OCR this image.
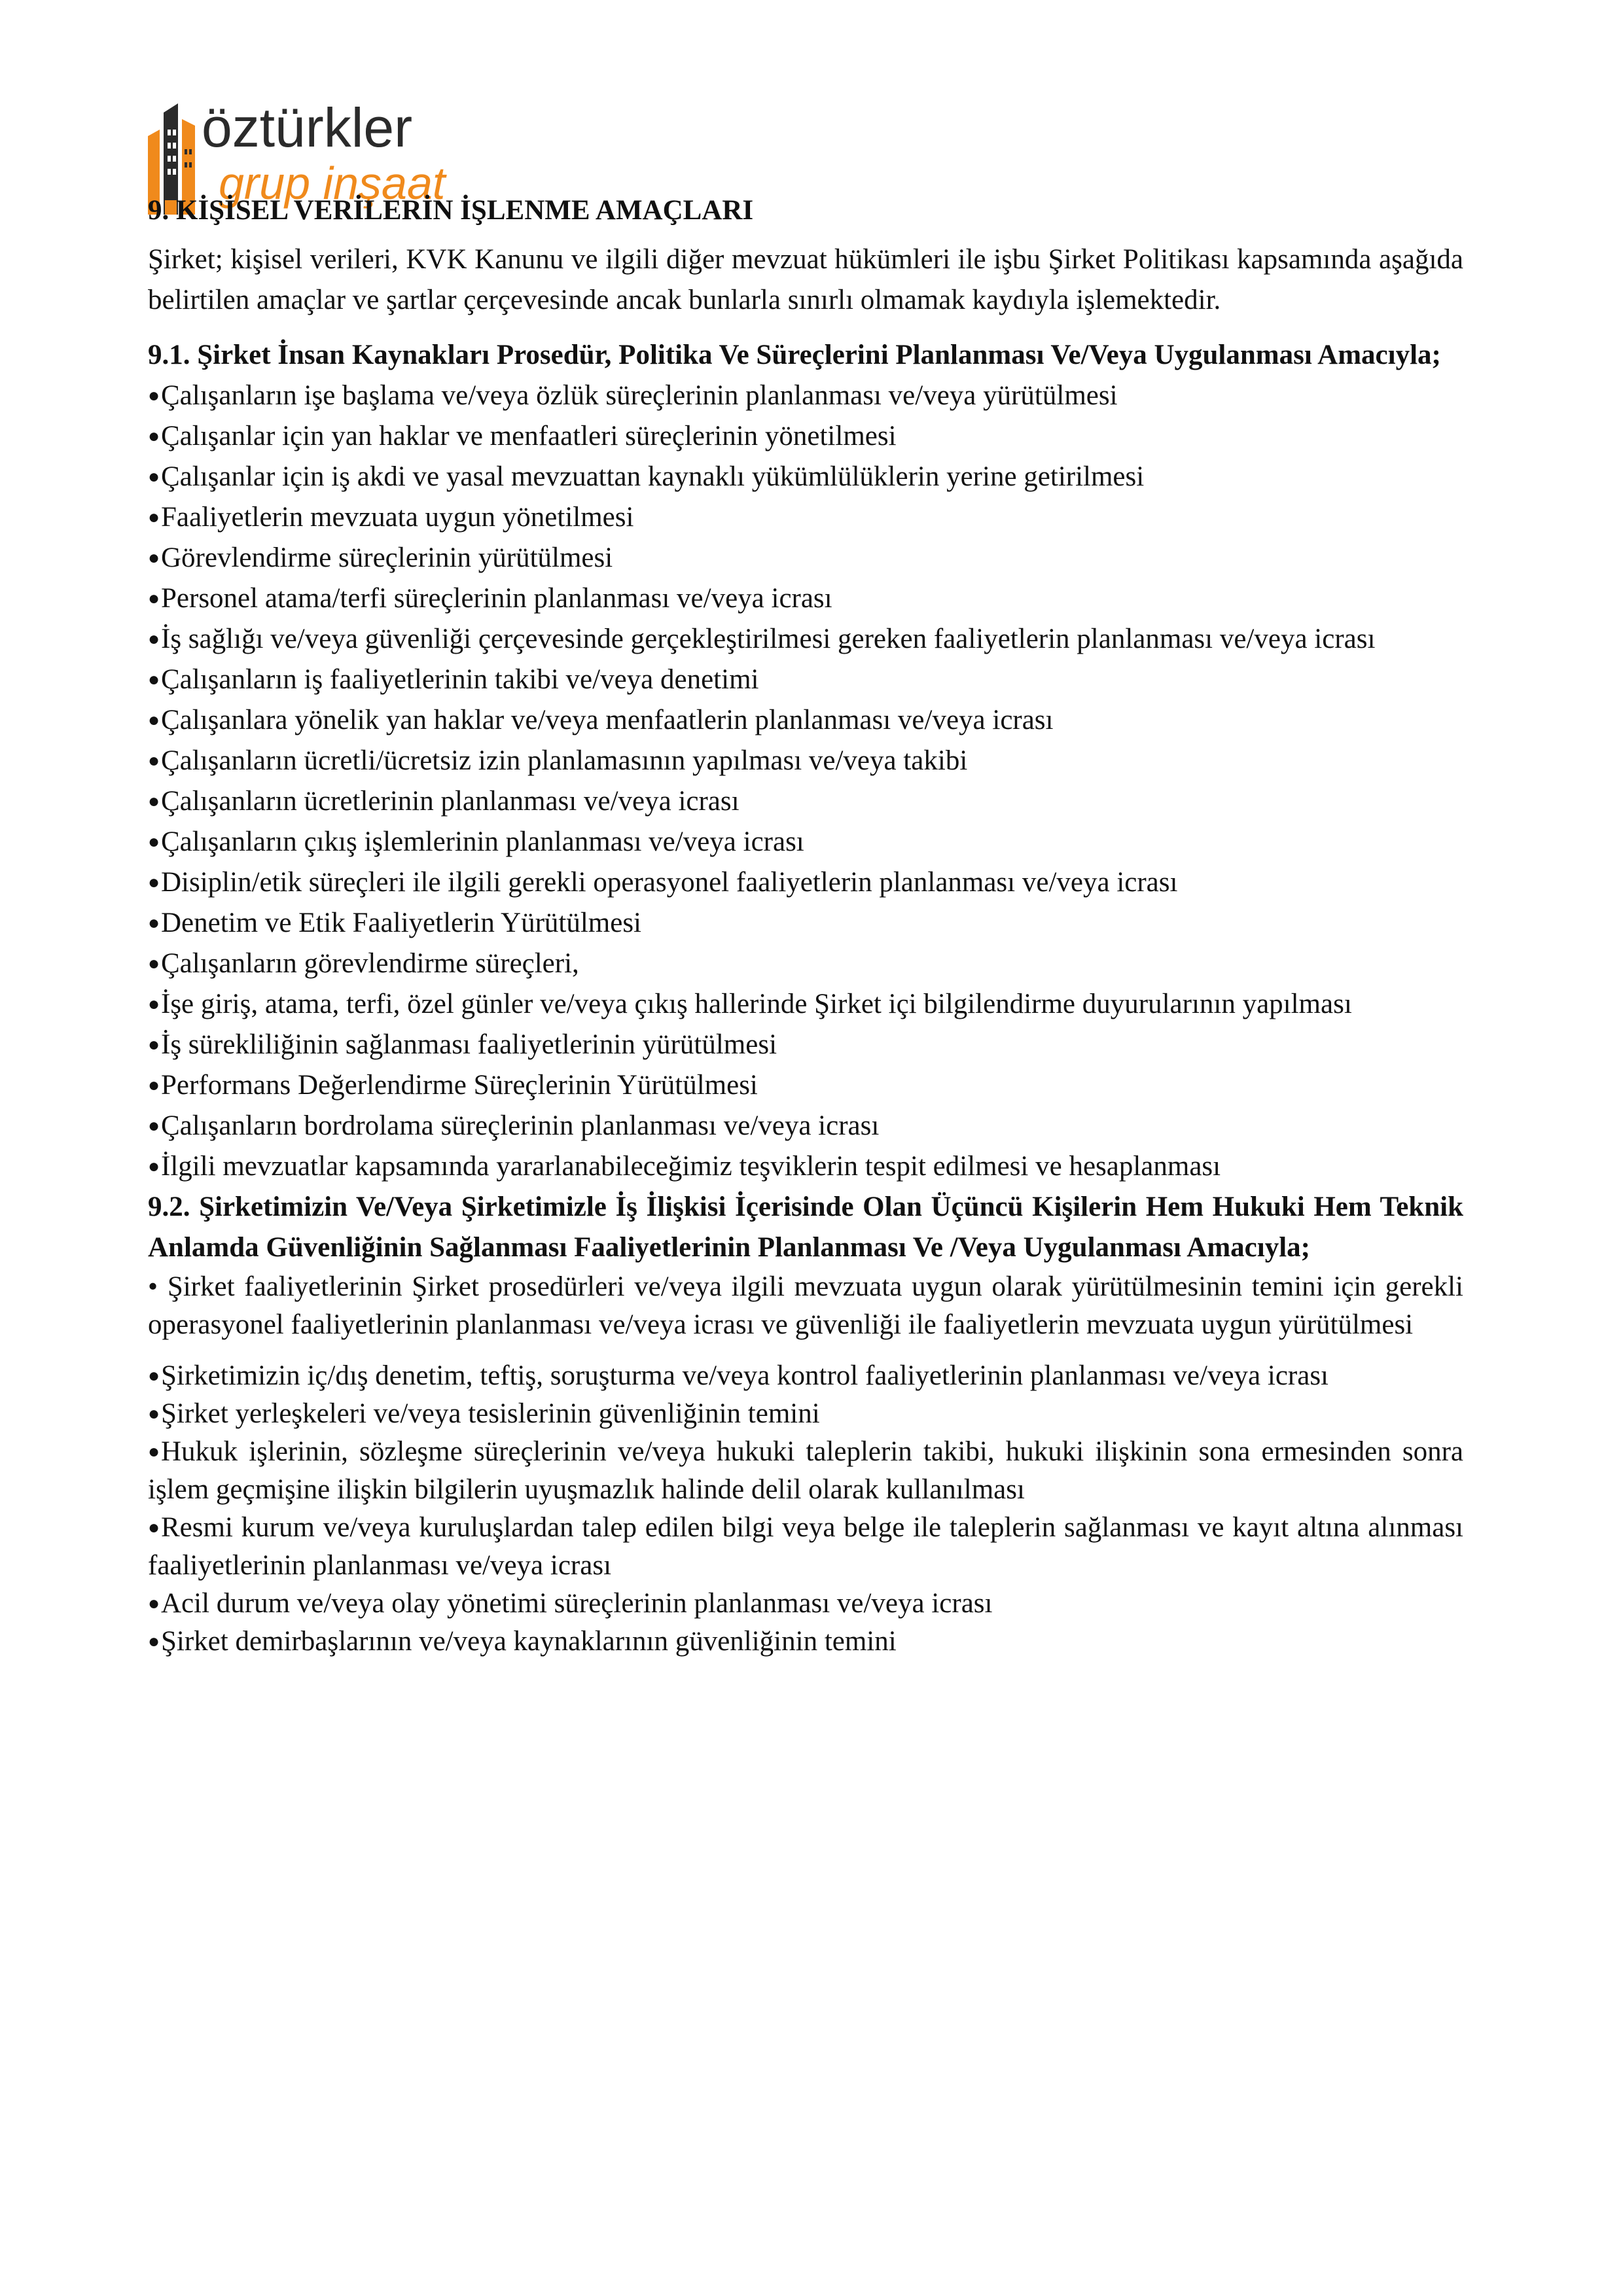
öztürkler
grup inşaat

9. KİŞİSEL VERİLERİN İŞLENME AMAÇLARI

Şirket; kişisel verileri, KVK Kanunu ve ilgili diğer mevzuat hükümleri ile işbu Şirket Politikası kapsamında aşağıda belirtilen amaçlar ve şartlar çerçevesinde ancak bunlarla sınırlı olmamak kaydıyla işlemektedir.

9.1. Şirket İnsan Kaynakları Prosedür, Politika Ve Süreçlerini Planlanması Ve/Veya Uygulanması Amacıyla;

●Çalışanların işe başlama ve/veya özlük süreçlerinin planlanması ve/veya yürütülmesi
●Çalışanlar için yan haklar ve menfaatleri süreçlerinin yönetilmesi
●Çalışanlar için iş akdi ve yasal mevzuattan kaynaklı yükümlülüklerin yerine getirilmesi
●Faaliyetlerin mevzuata uygun yönetilmesi
●Görevlendirme süreçlerinin yürütülmesi
●Personel atama/terfi süreçlerinin planlanması ve/veya icrası
●İş sağlığı ve/veya güvenliği çerçevesinde gerçekleştirilmesi gereken faaliyetlerin planlanması ve/veya icrası
●Çalışanların iş faaliyetlerinin takibi ve/veya denetimi
●Çalışanlara yönelik yan haklar ve/veya menfaatlerin planlanması ve/veya icrası
●Çalışanların ücretli/ücretsiz izin planlamasının yapılması ve/veya takibi
●Çalışanların ücretlerinin planlanması ve/veya icrası
●Çalışanların çıkış işlemlerinin planlanması ve/veya icrası
●Disiplin/etik süreçleri ile ilgili gerekli operasyonel faaliyetlerin planlanması ve/veya icrası
●Denetim ve Etik Faaliyetlerin Yürütülmesi
●Çalışanların görevlendirme süreçleri,
●İşe giriş, atama, terfi, özel günler ve/veya çıkış hallerinde Şirket içi bilgilendirme duyurularının yapılması
●İş sürekliliğinin sağlanması faaliyetlerinin yürütülmesi
●Performans Değerlendirme Süreçlerinin Yürütülmesi
●Çalışanların bordrolama süreçlerinin planlanması ve/veya icrası
●İlgili mevzuatlar kapsamında yararlanabileceğimiz teşviklerin tespit edilmesi ve hesaplanması

9.2. Şirketimizin Ve/Veya Şirketimizle İş İlişkisi İçerisinde Olan Üçüncü Kişilerin Hem Hukuki Hem Teknik Anlamda Güvenliğinin Sağlanması Faaliyetlerinin Planlanması Ve /Veya Uygulanması Amacıyla;

• Şirket faaliyetlerinin Şirket prosedürleri ve/veya ilgili mevzuata uygun olarak yürütülmesinin temini için gerekli operasyonel faaliyetlerinin planlanması ve/veya icrası ve güvenliği ile faaliyetlerin mevzuata uygun yürütülmesi

●Şirketimizin iç/dış denetim, teftiş, soruşturma ve/veya kontrol faaliyetlerinin planlanması ve/veya icrası
●Şirket yerleşkeleri ve/veya tesislerinin güvenliğinin temini
●Hukuk işlerinin, sözleşme süreçlerinin ve/veya hukuki taleplerin takibi, hukuki ilişkinin sona ermesinden sonra işlem geçmişine ilişkin bilgilerin uyuşmazlık halinde delil olarak kullanılması
●Resmi kurum ve/veya kuruluşlardan talep edilen bilgi veya belge ile taleplerin sağlanması ve kayıt altına alınması faaliyetlerinin planlanması ve/veya icrası
●Acil durum ve/veya olay yönetimi süreçlerinin planlanması ve/veya icrası
●Şirket demirbaşlarının ve/veya kaynaklarının güvenliğinin temini
